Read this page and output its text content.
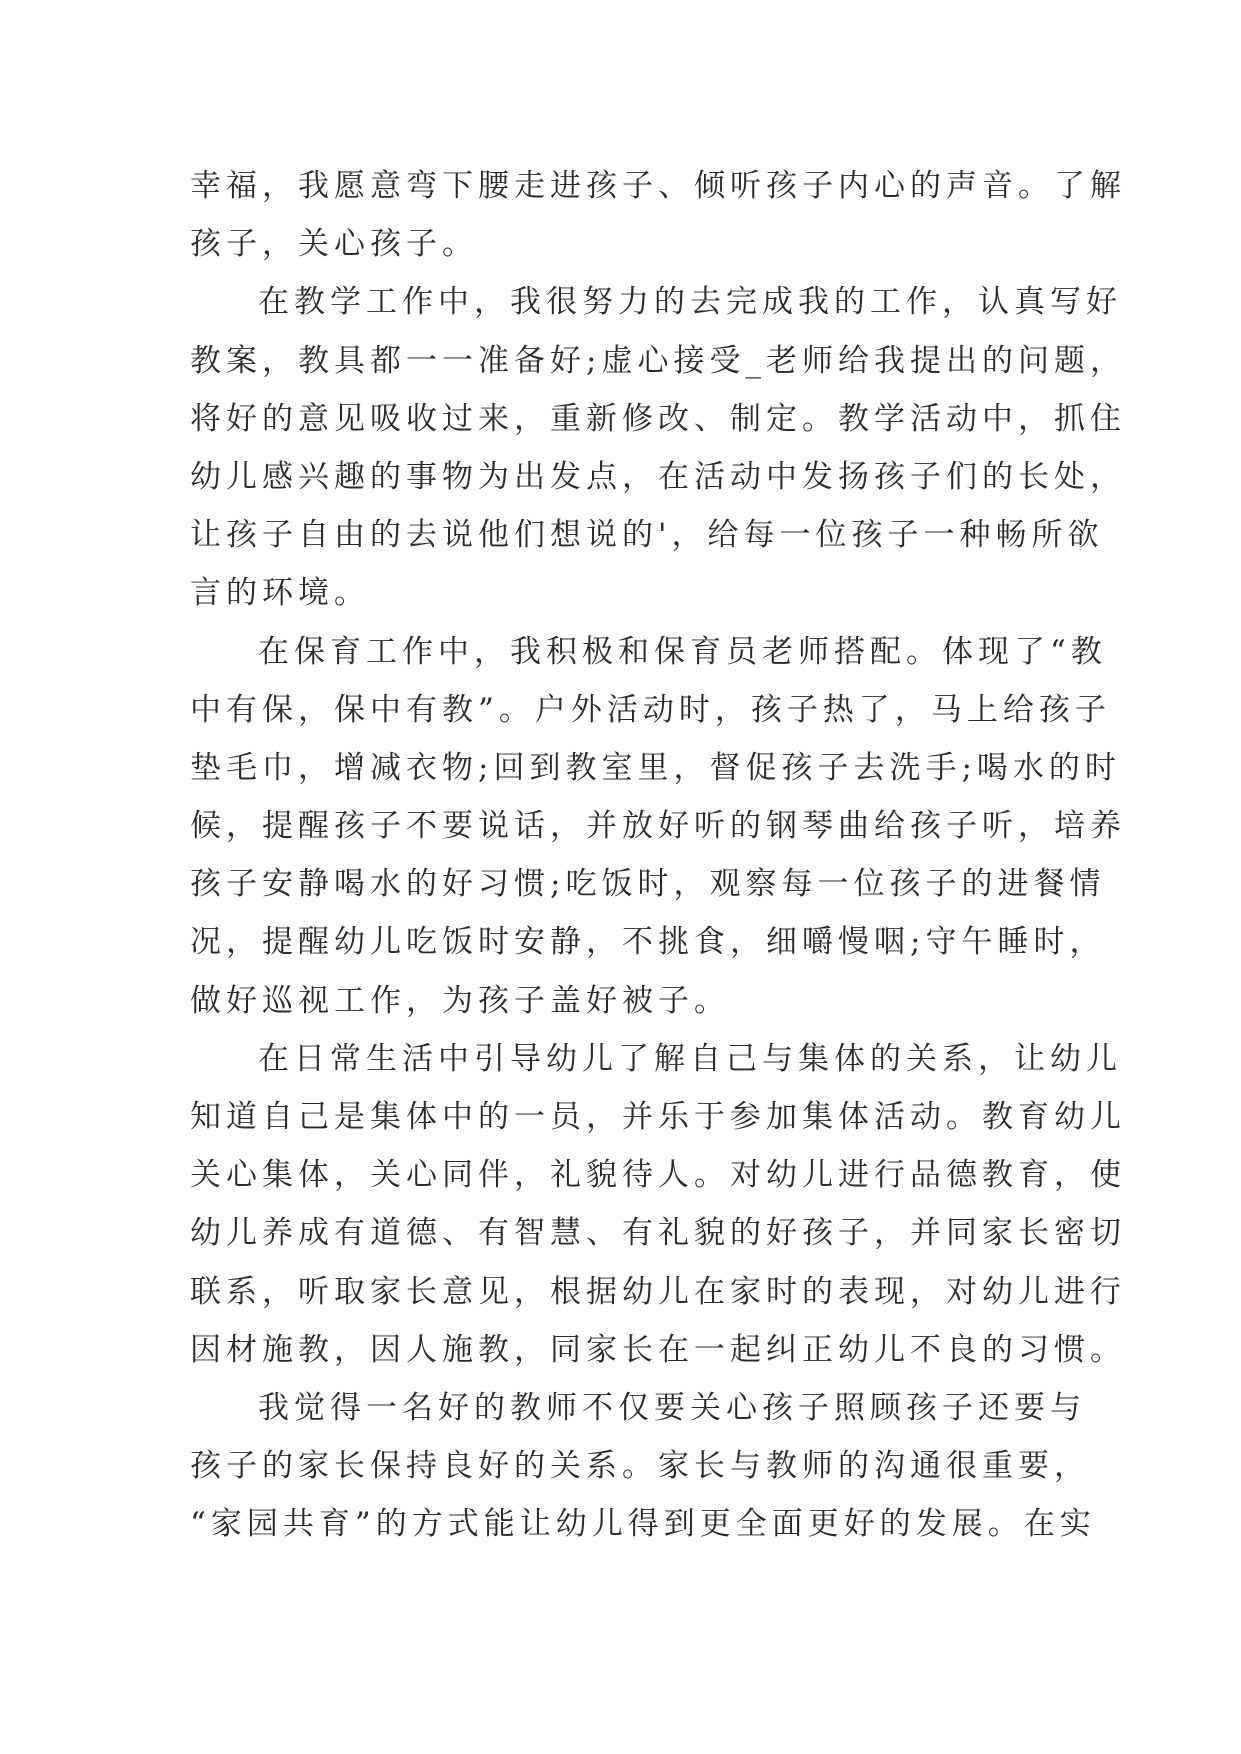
幸福，我愿意弯下腰走进孩子、倾听孩子内心的声音。了解
孩子，关心孩子。
在教学工作中，我很努力的去完成我的工作，认真写好
教案，教具都一一准备好;虚心接受_老师给我提出的问题，
将好的意见吸收过来，重新修改、制定。教学活动中，抓住
幼儿感兴趣的事物为出发点，在活动中发扬孩子们的长处，
让孩子自由的去说他们想说的'，给每一位孩子一种畅所欲
言的环境。
在保育工作中，我积极和保育员老师搭配。体现了“教
中有保，保中有教”。户外活动时，孩子热了，马上给孩子
垫毛巾，增减衣物;回到教室里，督促孩子去洗手;喝水的时
候，提醒孩子不要说话，并放好听的钢琴曲给孩子听，培养
孩子安静喝水的好习惯;吃饭时，观察每一位孩子的进餐情
况，提醒幼儿吃饭时安静，不挑食，细嚼慢咽;守午睡时，
做好巡视工作，为孩子盖好被子。
在日常生活中引导幼儿了解自己与集体的关系，让幼儿
知道自己是集体中的一员，并乐于参加集体活动。教育幼儿
关心集体，关心同伴，礼貌待人。对幼儿进行品德教育，使
幼儿养成有道德、有智慧、有礼貌的好孩子，并同家长密切
联系，听取家长意见，根据幼儿在家时的表现，对幼儿进行
因材施教，因人施教，同家长在一起纠正幼儿不良的习惯。
我觉得一名好的教师不仅要关心孩子照顾孩子还要与
孩子的家长保持良好的关系。家长与教师的沟通很重要，
“家园共育”的方式能让幼儿得到更全面更好的发展。在实
